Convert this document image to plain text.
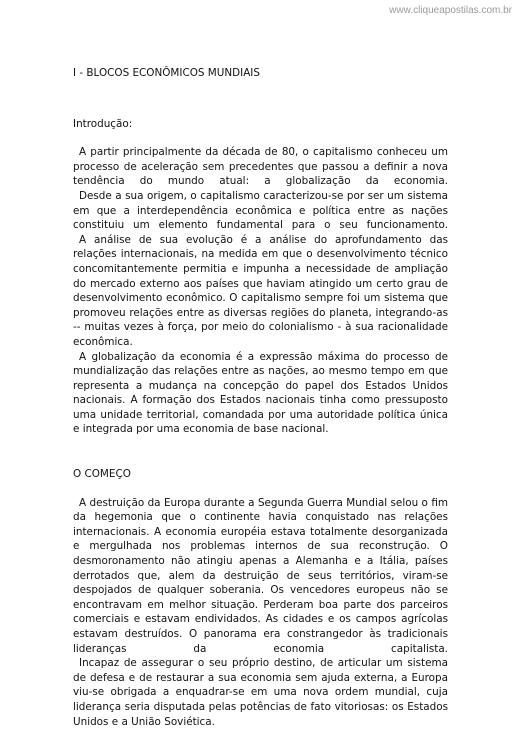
www.cliqueapostilas.com.br

I - BLOCOS ECONÔMICOS MUNDIAIS

Introdução:

A partir principalmente da década de 80, o capitalismo conheceu um processo de aceleração sem precedentes que passou a definir a nova tendência do mundo atual: a globalização da economia.

Desde a sua origem, o capitalismo caracterizou-se por ser um sistema em que a interdependência econômica e política entre as nações constituiu um elemento fundamental para o seu funcionamento.

A análise de sua evolução é a análise do aprofundamento das relações internacionais, na medida em que o desenvolvimento técnico concomitantemente permitia e impunha a necessidade de ampliação do mercado externo aos países que haviam atingido um certo grau de desenvolvimento econômico. O capitalismo sempre foi um sistema que promoveu relações entre as diversas regiões do planeta, integrando-as -- muitas vezes à força, por meio do colonialismo - à sua racionalidade econômica.

A globalização da economia é a expressão máxima do processo de mundialização das relações entre as nações, ao mesmo tempo em que representa a mudança na concepção do papel dos Estados Unidos nacionais. A formação dos Estados nacionais tinha como pressuposto uma unidade territorial, comandada por uma autoridade política única e integrada por uma economia de base nacional.

O COMEÇO

A destruição da Europa durante a Segunda Guerra Mundial selou o fim da hegemonia que o continente havia conquistado nas relações internacionais. A economia européia estava totalmente desorganizada e mergulhada nos problemas internos de sua reconstrução. O desmoronamento não atingiu apenas a Alemanha e a Itália, países derrotados que, alem da destruição de seus territórios, viram-se despojados de qualquer soberania. Os vencedores europeus não se encontravam em melhor situação. Perderam boa parte dos parceiros comerciais e estavam endividados. As cidades e os campos agrícolas estavam destruídos. O panorama era constrangedor às tradicionais lideranças da economia capitalista.

Incapaz de assegurar o seu próprio destino, de articular um sistema de defesa e de restaurar a sua economia sem ajuda externa, a Europa viu-se obrigada a enquadrar-se em uma nova ordem mundial, cuja liderança seria disputada pelas potências de fato vitoriosas: os Estados Unidos e a União Soviética.
